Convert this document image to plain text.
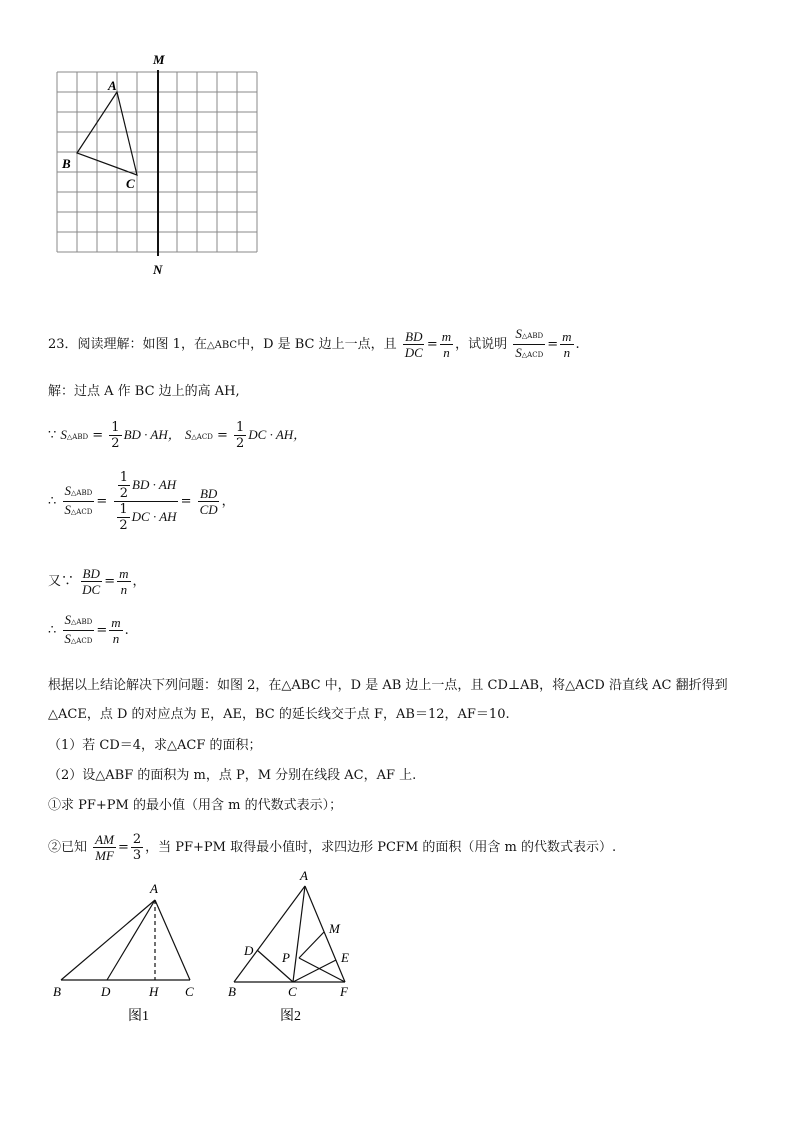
M
N
A
B
C
23．阅读理解：如图 1，在△ABC中，D 是 BC 边上一点，且 $\frac{BD}{DC} = \frac{m}{n}$ ，试说明 $\frac{\text{S△ABD}}{\text{S△ACD}} = \frac{m}{n}$ .
解：过点 A 作 BC 边上的高 AH,
∵ S△ABD = $\frac{1}{2}$ BD · AH， S△ACD = $\frac{1}{2}$ DC · AH，
∴ $\frac{\text{S△ABD}}{\text{S△ACD}} = \frac{\frac{1}{2} BD \cdot AH}{\frac{1}{2} DC \cdot AH} = \frac{BD}{CD}$ ，
又∵ $\frac{BD}{DC} = \frac{m}{n}$ ，
∴ $\frac{\text{S△ABD}}{\text{S△ACD}} = \frac{m}{n}$ .
根据以上结论解决下列问题：如图 2，在△ABC 中，D 是 AB 边上一点，且 CD⊥AB，将△ACD 沿直线 AC 翻折得到
△ACE，点 D 的对应点为 E，AE，BC 的延长线交于点 F，AB＝12，AF＝10.
（1）若 CD＝4，求△ACF 的面积；
（2）设△ABF 的面积为 m，点 P，M 分别在线段 AC，AF 上.
①求 PF+PM 的最小值（用含 m 的代数式表示）；
②已知 $\frac{AM}{MF} = \frac{2}{3}$ ，当 PF+PM 取得最小值时，求四边形 PCFM 的面积（用含 m 的代数式表示）.
A
B	D	H C
图1
A
D P
M
E
B	C	F
图2
